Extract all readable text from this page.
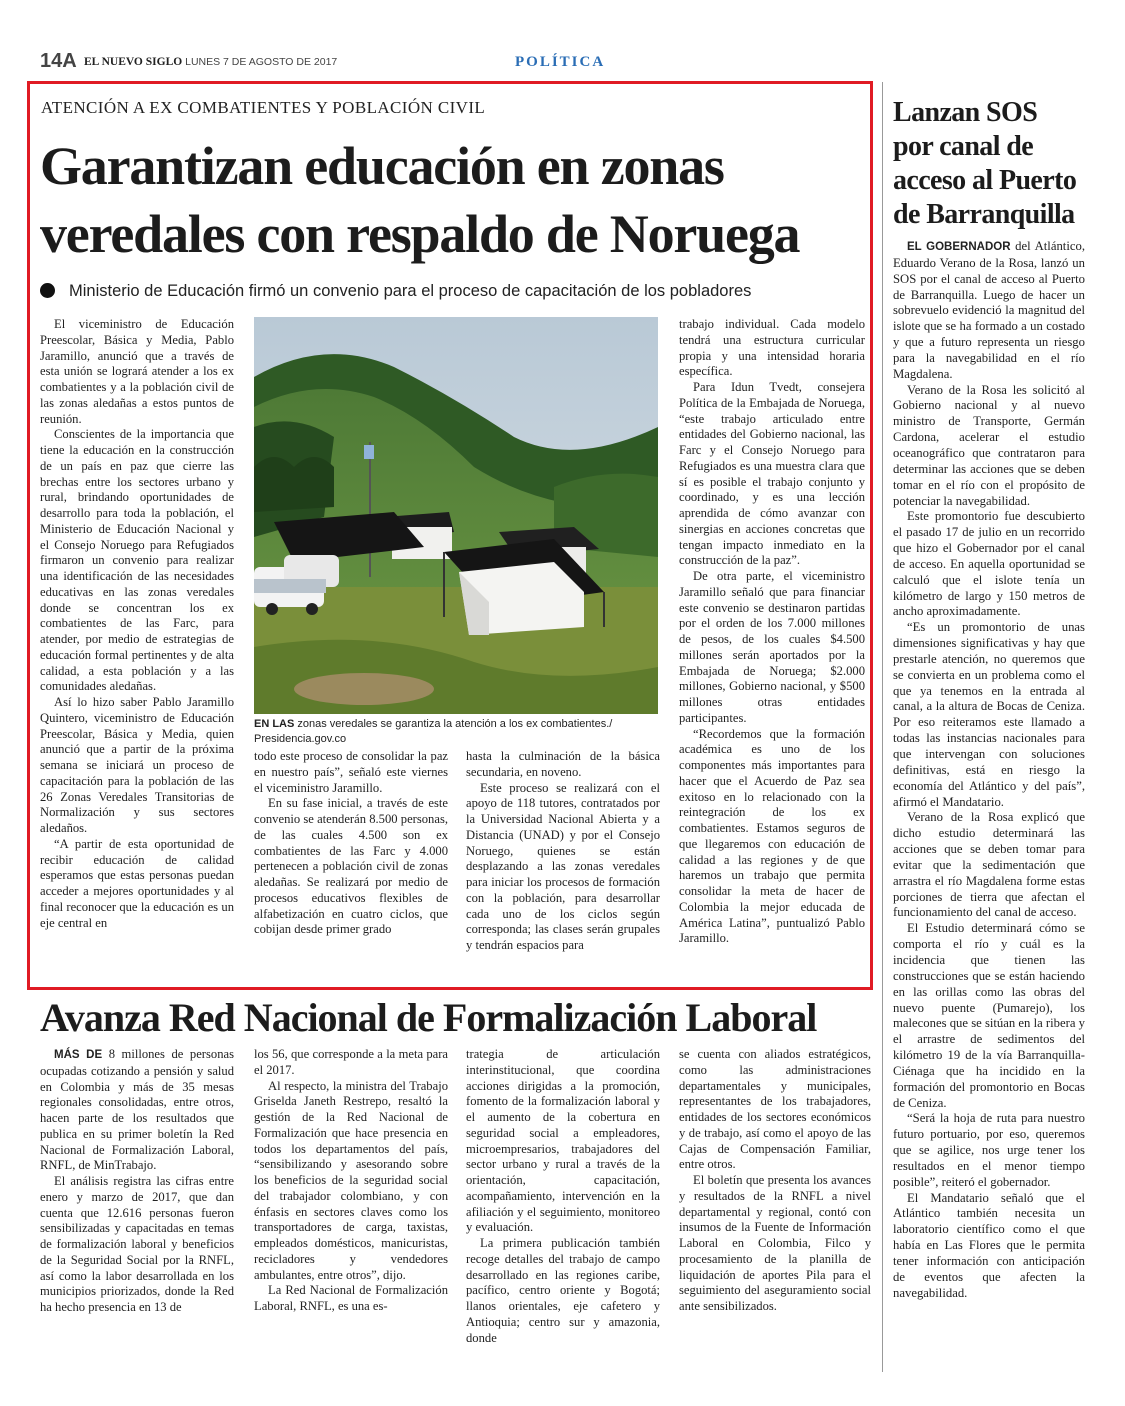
14A EL NUEVO SIGLO LUNES 7 DE AGOSTO DE 2017	POLÍTICA
ATENCIÓN A EX COMBATIENTES Y POBLACIÓN CIVIL
Garantizan educación en zonas
veredales con respaldo de Noruega
Ministerio de Educación firmó un convenio para el proceso de capacitación de los pobladores

El viceministro de Educación Preescolar, Básica y Media, Pablo Jaramillo, anunció que a través de esta unión se logrará atender a los ex combatientes y a la población civil de las zonas aledañas a estos puntos de reunión.

Conscientes de la importancia que tiene la educación en la construcción de un país en paz que cierre las brechas entre los sectores urbano y rural, brindando oportunidades de desarrollo para toda la población, el Ministerio de Educación Nacional y el Consejo Noruego para Refugiados firmaron un convenio para realizar una identificación de las necesidades educativas en las zonas veredales donde se concentran los ex combatientes de las Farc, para atender, por medio de estrategias de educación formal pertinentes y de alta calidad, a esta población y a las comunidades aledañas.

Así lo hizo saber Pablo Jaramillo Quintero, viceministro de Educación Preescolar, Básica y Media, quien anunció que a partir de la próxima semana se iniciará un proceso de capacitación para la población de las 26 Zonas Veredales Transitorias de Normalización y sus sectores aledaños.

“A partir de esta oportunidad de recibir educación de calidad esperamos que estas personas puedan acceder a mejores oportunidades y al final reconocer que la educación es un eje central en

EN LAS zonas veredales se garantiza la atención a los ex combatientes./ Presidencia.gov.co

todo este proceso de consolidar la paz en nuestro país”, señaló este viernes el viceministro Jaramillo.

En su fase inicial, a través de este convenio se atenderán 8.500 personas, de las cuales 4.500 son ex combatientes de las Farc y 4.000 pertenecen a población civil de zonas aledañas. Se realizará por medio de procesos educativos flexibles de alfabetización en cuatro ciclos, que cobijan desde primer grado

hasta la culminación de la básica secundaria, en noveno.

Este proceso se realizará con el apoyo de 118 tutores, contratados por la Universidad Nacional Abierta y a Distancia (UNAD) y por el Consejo Noruego, quienes se están desplazando a las zonas veredales para iniciar los procesos de formación con la población, para desarrollar cada uno de los ciclos según corresponda; las clases serán grupales y tendrán espacios para

trabajo individual. Cada modelo tendrá una estructura curricular propia y una intensidad horaria específica.

Para Idun Tvedt, consejera Política de la Embajada de Noruega, “este trabajo articulado entre entidades del Gobierno nacional, las Farc y el Consejo Noruego para Refugiados es una muestra clara que sí es posible el trabajo conjunto y coordinado, y es una lección aprendida de cómo avanzar con sinergias en acciones concretas que tengan impacto inmediato en la construcción de la paz”.

De otra parte, el viceministro Jaramillo señaló que para financiar este convenio se destinaron partidas por el orden de los 7.000 millones de pesos, de los cuales $4.500 millones serán aportados por la Embajada de Noruega; $2.000 millones, Gobierno nacional, y $500 millones otras entidades participantes.

“Recordemos que la formación académica es uno de los componentes más importantes para hacer que el Acuerdo de Paz sea exitoso en lo relacionado con la reintegración de los ex combatientes. Estamos seguros de que llegaremos con educación de calidad a las regiones y de que haremos un trabajo que permita consolidar la meta de hacer de Colombia la mejor educada de América Latina”, puntualizó Pablo Jaramillo.

Lanzan SOS
por canal de
acceso al Puerto
de Barranquilla

EL GOBERNADOR del Atlántico, Eduardo Verano de la Rosa, lanzó un SOS por el canal de acceso al Puerto de Barranquilla. Luego de hacer un sobrevuelo evidenció la magnitud del islote que se ha formado a un costado y que a futuro representa un riesgo para la navegabilidad en el río Magdalena.

Verano de la Rosa les solicitó al Gobierno nacional y al nuevo ministro de Transporte, Germán Cardona, acelerar el estudio oceanográfico que contrataron para determinar las acciones que se deben tomar en el río con el propósito de potenciar la navegabilidad.

Este promontorio fue descubierto el pasado 17 de julio en un recorrido que hizo el Gobernador por el canal de acceso. En aquella oportunidad se calculó que el islote tenía un kilómetro de largo y 150 metros de ancho aproximadamente.

“Es un promontorio de unas dimensiones significativas y hay que prestarle atención, no queremos que se convierta en un problema como el que ya tenemos en la entrada al canal, a la altura de Bocas de Ceniza. Por eso reiteramos este llamado a todas las instancias nacionales para que intervengan con soluciones definitivas, está en riesgo la economía del Atlántico y del país”, afirmó el Mandatario.

Verano de la Rosa explicó que dicho estudio determinará las acciones que se deben tomar para evitar que la sedimentación que arrastra el río Magdalena forme estas porciones de tierra que afectan el funcionamiento del canal de acceso.

El Estudio determinará cómo se comporta el río y cuál es la incidencia que tienen las construcciones que se están haciendo en las orillas como las obras del nuevo puente (Pumarejo), los malecones que se sitúan en la ribera y el arrastre de sedimentos del kilómetro 19 de la vía Barranquilla-Ciénaga que ha incidido en la formación del promontorio en Bocas de Ceniza.

“Será la hoja de ruta para nuestro futuro portuario, por eso, queremos que se agilice, nos urge tener los resultados en el menor tiempo posible”, reiteró el gobernador.

El Mandatario señaló que el Atlántico también necesita un laboratorio científico como el que había en Las Flores que le permita tener información con anticipación de eventos que afecten la navegabilidad.

Avanza Red Nacional de Formalización Laboral

MÁS DE 8 millones de personas ocupadas cotizando a pensión y salud en Colombia y más de 35 mesas regionales consolidadas, entre otros, hacen parte de los resultados que publica en su primer boletín la Red Nacional de Formalización Laboral, RNFL, de MinTrabajo.

El análisis registra las cifras entre enero y marzo de 2017, que dan cuenta que 12.616 personas fueron sensibilizadas y capacitadas en temas de formalización laboral y beneficios de la Seguridad Social por la RNFL, así como la labor desarrollada en los municipios priorizados, donde la Red ha hecho presencia en 13 de

los 56, que corresponde a la meta para el 2017.

Al respecto, la ministra del Trabajo Griselda Janeth Restrepo, resaltó la gestión de la Red Nacional de Formalización que hace presencia en todos los departamentos del país, “sensibilizando y asesorando sobre los beneficios de la seguridad social del trabajador colombiano, y con énfasis en sectores claves como los transportadores de carga, taxistas, empleados domésticos, manicuristas, recicladores y vendedores ambulantes, entre otros”, dijo.

La Red Nacional de Formalización Laboral, RNFL, es una es-

trategia de articulación interinstitucional, que coordina acciones dirigidas a la promoción, fomento de la formalización laboral y el aumento de la cobertura en seguridad social a empleadores, microempresarios, trabajadores del sector urbano y rural a través de la orientación, capacitación, acompañamiento, intervención en la afiliación y el seguimiento, monitoreo y evaluación.

La primera publicación también recoge detalles del trabajo de campo desarrollado en las regiones caribe, pacífico, centro oriente y Bogotá; llanos orientales, eje cafetero y Antioquia; centro sur y amazonia, donde

se cuenta con aliados estratégicos, como las administraciones departamentales y municipales, representantes de los trabajadores, entidades de los sectores económicos y de trabajo, así como el apoyo de las Cajas de Compensación Familiar, entre otros.

El boletín que presenta los avances y resultados de la RNFL a nivel departamental y regional, contó con insumos de la Fuente de Información Laboral en Colombia, Filco y procesamiento de la planilla de liquidación de aportes Pila para el seguimiento del aseguramiento social ante sensibilizados.
